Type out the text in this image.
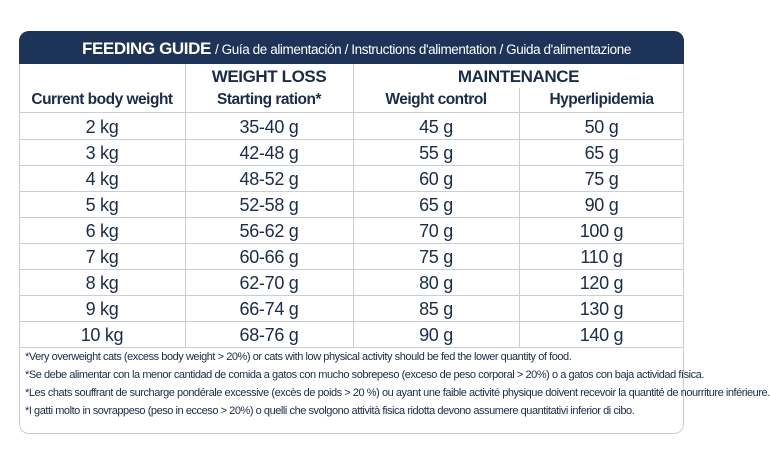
FEEDING GUIDE / Guía de alimentación / Instructions d'alimentation / Guida d'alimentazione
WEIGHT LOSS	MAINTENANCE
Current body weight	Starting ration*	Weight control	Hyperlipidemia
2 kg	35-40 g	45 g	50 g
3 kg	42-48 g	55 g	65 g
4 kg	48-52 g	60 g	75 g
5 kg	52-58 g	65 g	90 g
6 kg	56-62 g	70 g	100 g
7 kg	60-66 g	75 g	110 g
8 kg	62-70 g	80 g	120 g
9 kg	66-74 g	85 g	130 g
10 kg	68-76 g	90 g	140 g
*Very overweight cats (excess body weight > 20%) or cats with low physical activity should be fed the lower quantity of food.
*Se debe alimentar con la menor cantidad de comida a gatos con mucho sobrepeso (exceso de peso corporal > 20%) o a gatos con baja actividad física.
*Les chats souffrant de surcharge pondérale excessive (excès de poids > 20 %) ou ayant une faible activité physique doivent recevoir la quantité de nourriture inférieure.
*I gatti molto in sovrappeso (peso in ecceso > 20%) o quelli che svolgono attività fisica ridotta devono assumere quantitativi inferior di cibo.
